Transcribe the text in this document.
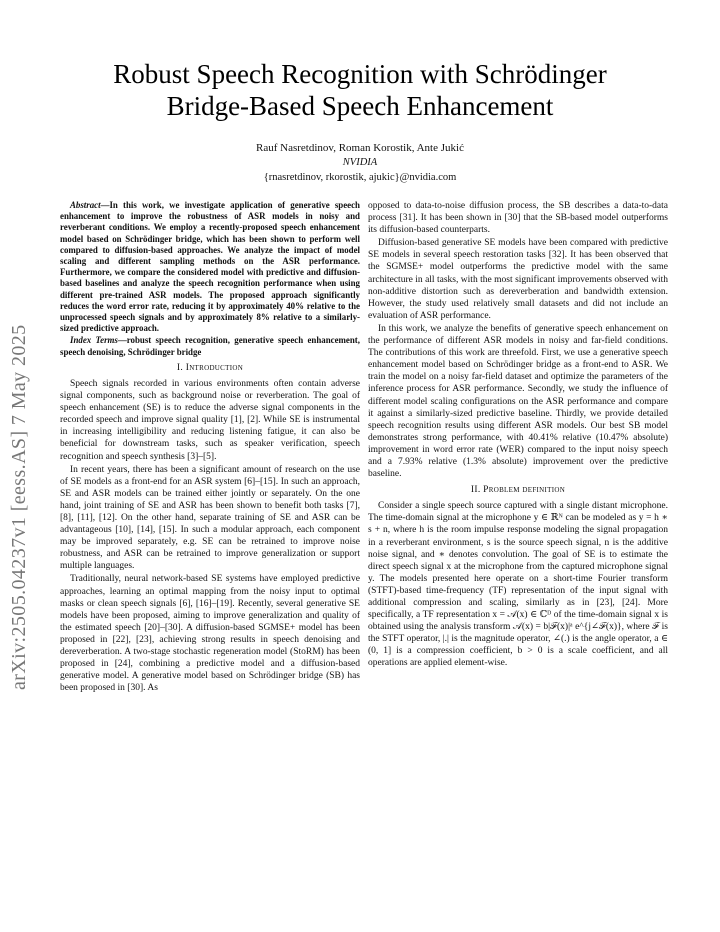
arXiv:2505.04237v1 [eess.AS] 7 May 2025
Robust Speech Recognition with Schrödinger
Bridge-Based Speech Enhancement
Rauf Nasretdinov, Roman Korostik, Ante Jukić
NVIDIA
{rnasretdinov, rkorostik, ajukic}@nvidia.com

Abstract—In this work, we investigate application of generative speech enhancement to improve the robustness of ASR models in noisy and reverberant conditions. We employ a recently-proposed speech enhancement model based on Schrödinger bridge, which has been shown to perform well compared to diffusion-based approaches. We analyze the impact of model scaling and different sampling methods on the ASR performance. Furthermore, we compare the considered model with predictive and diffusion-based baselines and analyze the speech recognition performance when using different pre-trained ASR models. The proposed approach significantly reduces the word error rate, reducing it by approximately 40% relative to the unprocessed speech signals and by approximately 8% relative to a similarly-sized predictive approach.

Index Terms—robust speech recognition, generative speech enhancement, speech denoising, Schrödinger bridge

I. Introduction

Speech signals recorded in various environments often contain adverse signal components, such as background noise or reverberation. The goal of speech enhancement (SE) is to reduce the adverse signal components in the recorded speech and improve signal quality [1], [2]. While SE is instrumental in increasing intelligibility and reducing listening fatigue, it can also be beneficial for downstream tasks, such as speaker verification, speech recognition and speech synthesis [3]–[5].

In recent years, there has been a significant amount of research on the use of SE models as a front-end for an ASR system [6]–[15]. In such an approach, SE and ASR models can be trained either jointly or separately. On the one hand, joint training of SE and ASR has been shown to benefit both tasks [7], [8], [11], [12]. On the other hand, separate training of SE and ASR can be advantageous [10], [14], [15]. In such a modular approach, each component may be improved separately, e.g. SE can be retrained to improve noise robustness, and ASR can be retrained to improve generalization or support multiple languages.

Traditionally, neural network-based SE systems have employed predictive approaches, learning an optimal mapping from the noisy input to optimal masks or clean speech signals [6], [16]–[19]. Recently, several generative SE models have been proposed, aiming to improve generalization and quality of the estimated speech [20]–[30]. A diffusion-based SGMSE+ model has been proposed in [22], [23], achieving strong results in speech denoising and dereverberation. A two-stage stochastic regeneration model (StoRM) has been proposed in [24], combining a predictive model and a diffusion-based generative model. A generative model based on Schrödinger bridge (SB) has been proposed in [30]. As

opposed to data-to-noise diffusion process, the SB describes a data-to-data process [31]. It has been shown in [30] that the SB-based model outperforms its diffusion-based counterparts.

Diffusion-based generative SE models have been compared with predictive SE models in several speech restoration tasks [32]. It has been observed that the SGMSE+ model outperforms the predictive model with the same architecture in all tasks, with the most significant improvements observed with non-additive distortion such as dereverberation and bandwidth extension. However, the study used relatively small datasets and did not include an evaluation of ASR performance.

In this work, we analyze the benefits of generative speech enhancement on the performance of different ASR models in noisy and far-field conditions. The contributions of this work are threefold. First, we use a generative speech enhancement model based on Schrödinger bridge as a front-end to ASR. We train the model on a noisy far-field dataset and optimize the parameters of the inference process for ASR performance. Secondly, we study the influence of different model scaling configurations on the ASR performance and compare it against a similarly-sized predictive baseline. Thirdly, we provide detailed speech recognition results using different ASR models. Our best SB model demonstrates strong performance, with 40.41% relative (10.47% absolute) improvement in word error rate (WER) compared to the input noisy speech and a 7.93% relative (1.3% absolute) improvement over the predictive baseline.

II. Problem definition

Consider a single speech source captured with a single distant microphone. The time-domain signal at the microphone y ∈ ℝᴺ can be modeled as y = h ∗ s + n, where h is the room impulse response modeling the signal propagation in a reverberant environment, s is the source speech signal, n is the additive noise signal, and ∗ denotes convolution. The goal of SE is to estimate the direct speech signal x at the microphone from the captured microphone signal y. The models presented here operate on a short-time Fourier transform (STFT)-based time-frequency (TF) representation of the input signal with additional compression and scaling, similarly as in [23], [24]. More specifically, a TF representation x = 𝒜(x) ∈ ℂᴰ of the time-domain signal x is obtained using the analysis transform 𝒜(x) = b|ℱ(x)|ᵃ e^{j∠ℱ(x)}, where ℱ is the STFT operator, |.| is the magnitude operator, ∠(.) is the angle operator, a ∈ (0, 1] is a compression coefficient, b > 0 is a scale coefficient, and all operations are applied element-wise.
